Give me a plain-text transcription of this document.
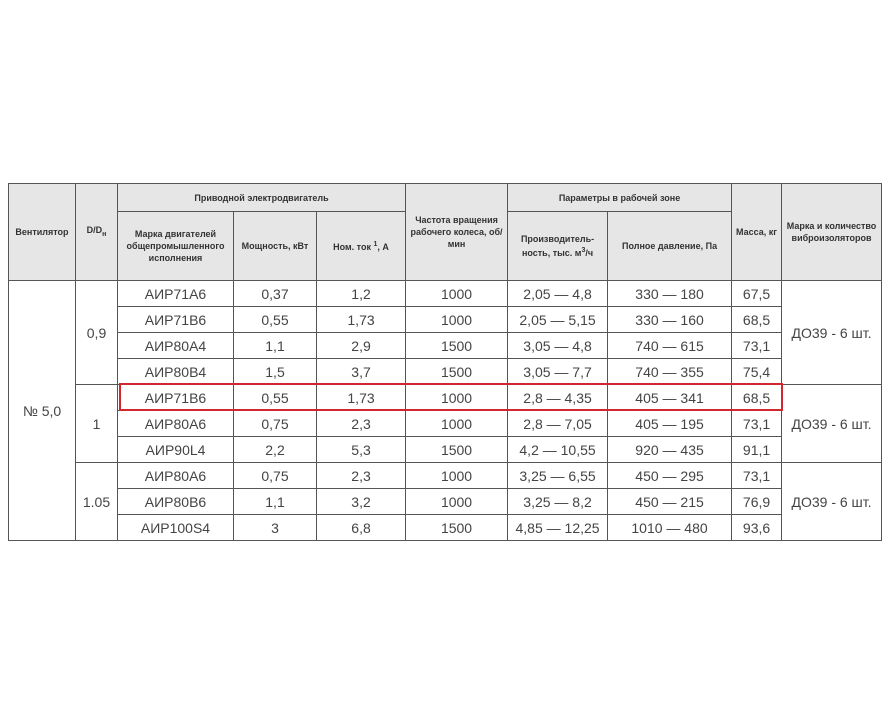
Вентилятор	$D/D_н$	Приводной электродвигатель			Частота вращения рабочего колеса, об/мин	Параметры в рабочей зоне		Масса, кг	Марка и количество виброизоляторов
		Марка двигателей общепромышленного исполнения	Мощность, кВт	Ном. ток $^1$, А		Производитель-ность, тыс. $м^3/ч$	Полное давление, Па		
№ 5,0	0,9	АИР71А6	0,37	1,2	1000	2,05 — 4,8	330 — 180	67,5	ДО39 - 6 шт.
		АИР71В6	0,55	1,73	1000	2,05 — 5,15	330 — 160	68,5	
		АИР80А4	1,1	2,9	1500	3,05 — 4,8	740 — 615	73,1	
		АИР80В4	1,5	3,7	1500	3,05 — 7,7	740 — 355	75,4	
	1	АИР71В6	0,55	1,73	1000	2,8 — 4,35	405 — 341	68,5	ДО39 - 6 шт.
		АИР80А6	0,75	2,3	1000	2,8 — 7,05	405 — 195	73,1	
		АИР90L4	2,2	5,3	1500	4,2 — 10,55	920 — 435	91,1	
	1.05	АИР80А6	0,75	2,3	1000	3,25 — 6,55	450 — 295	73,1	ДО39 - 6 шт.
		АИР80В6	1,1	3,2	1000	3,25 — 8,2	450 — 215	76,9	
		АИР100S4	3	6,8	1500	4,85 — 12,25	1010 — 480	93,6	
